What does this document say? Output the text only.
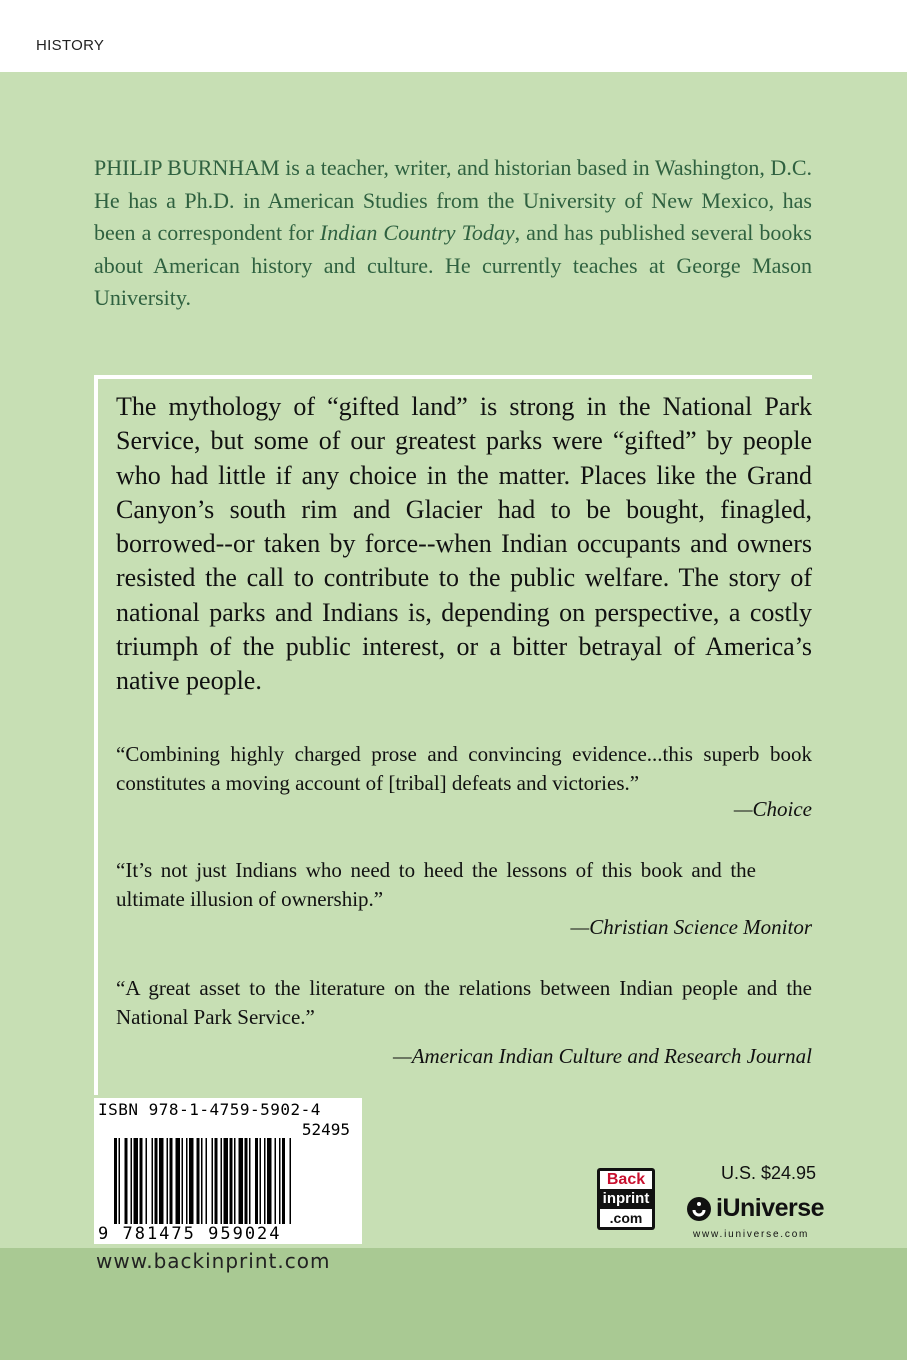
HISTORY

PHILIP BURNHAM is a teacher, writer, and historian based in Washington, D.C. He has a Ph.D. in American Studies from the University of New Mexico, has been a correspondent for Indian Country Today, and has published several books about American history and culture. He currently teaches at George Mason University.

The mythology of “gifted land” is strong in the National Park Service, but some of our greatest parks were “gifted” by people who had little if any choice in the matter. Places like the Grand Canyon’s south rim and Glacier had to be bought, finagled, borrowed--or taken by force--when Indian occupants and owners resisted the call to contribute to the public welfare. The story of national parks and Indians is, depending on perspective, a costly triumph of the public interest, or a bitter betrayal of America’s native people.

“Combining highly charged prose and convincing evidence...this superb book constitutes a moving account of [tribal] defeats and victories.”

—Choice

“It’s not just Indians who need to heed the lessons of this book and the ultimate illusion of ownership.”

—Christian Science Monitor

“A great asset to the literature on the relations between Indian people and the National Park Service.”

—American Indian Culture and Research Journal
ISBN 978-1-4759-5902-4
52495
9 781475 959024
www.backinprint.com
Back
inprint
.com
U.S. $24.95
iUniverse
www.iuniverse.com
